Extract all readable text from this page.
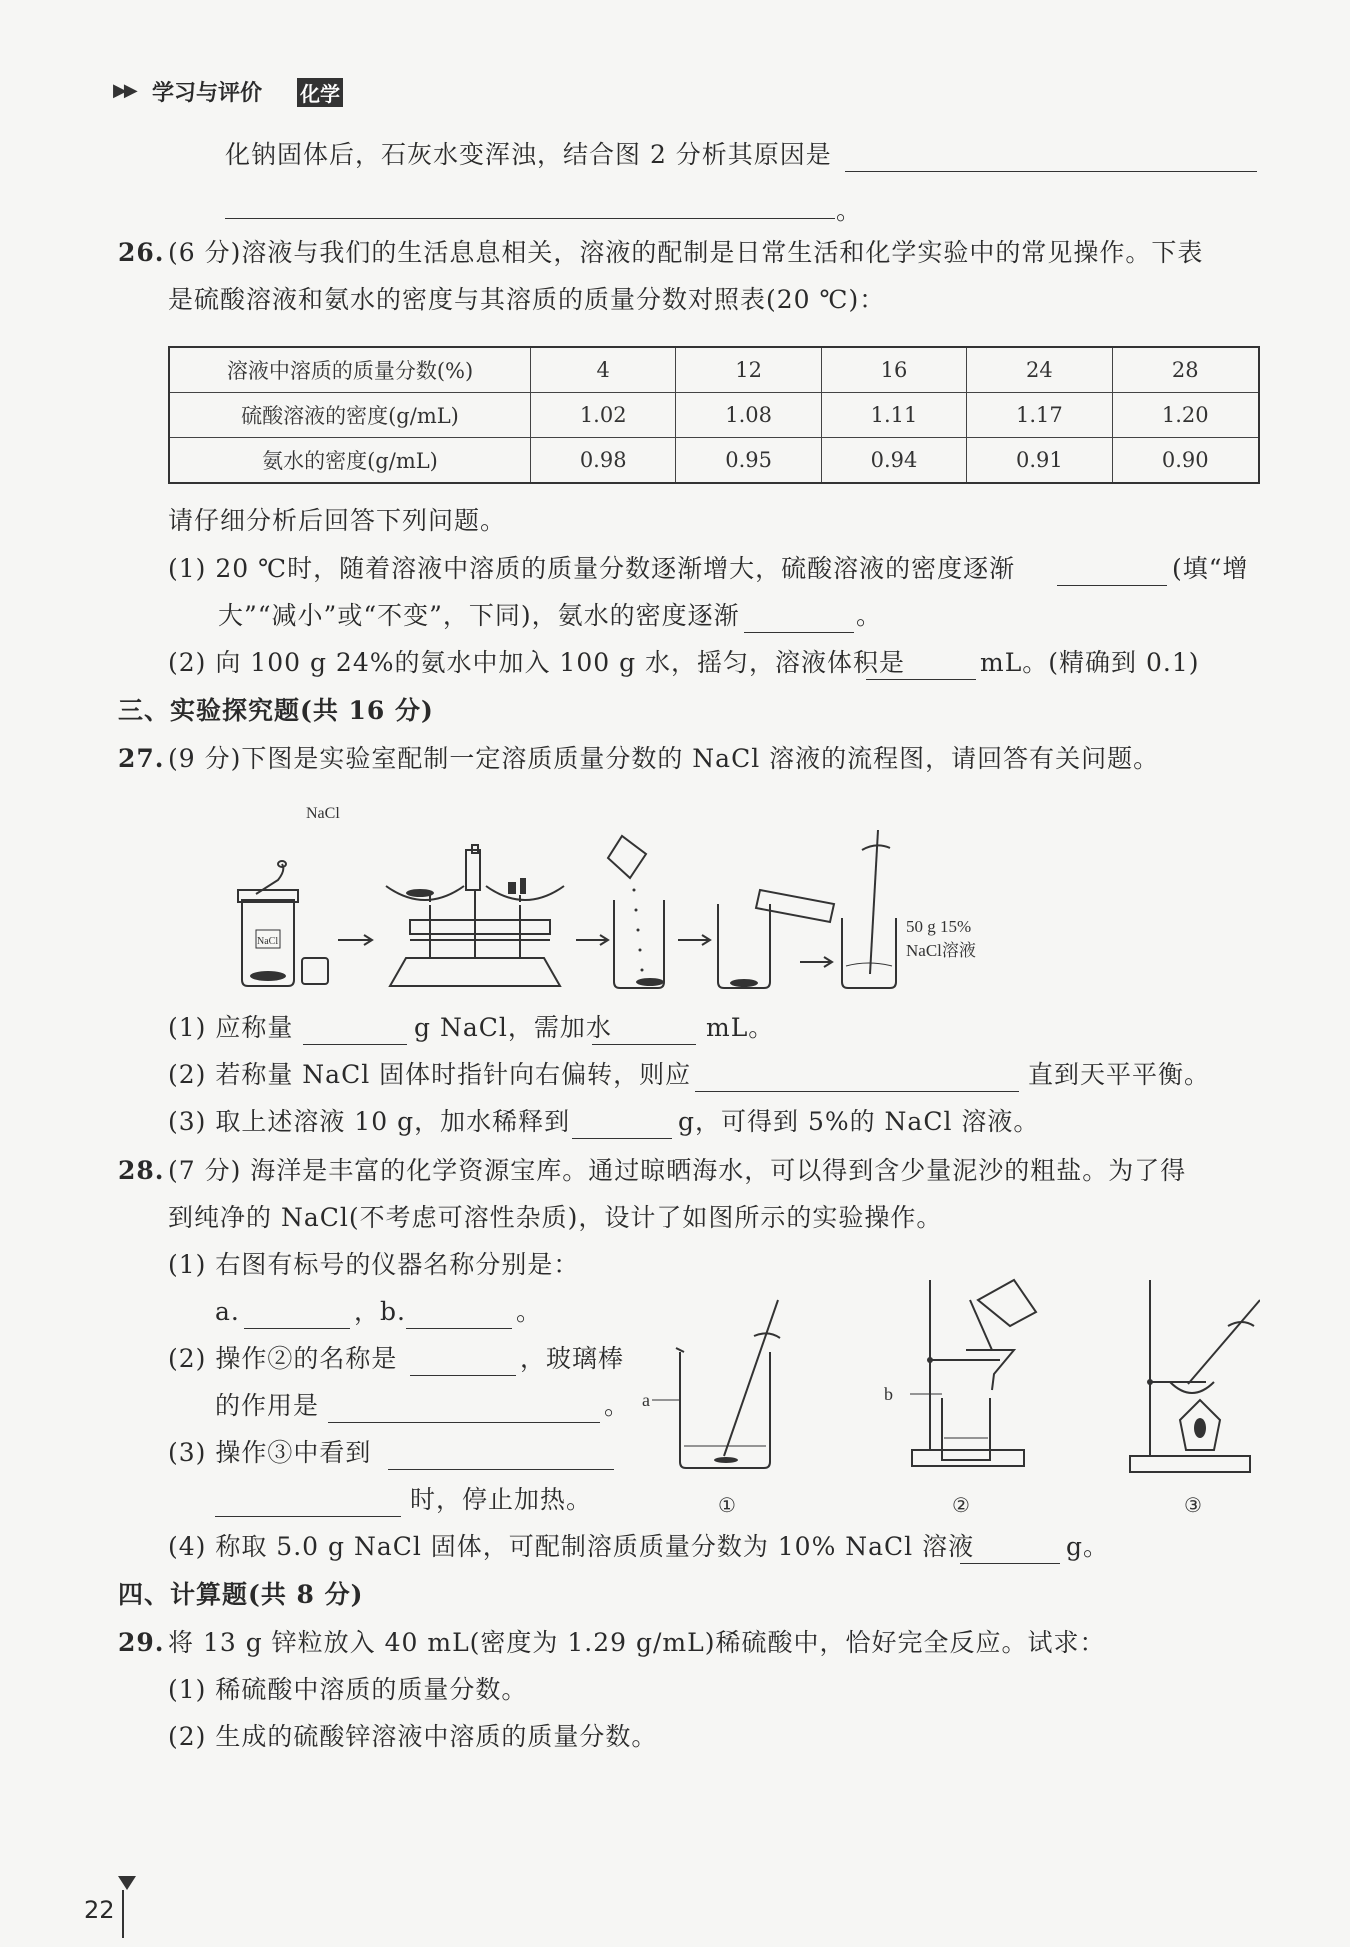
▶▶ 学习与评价 化学
化钠固体后，石灰水变浑浊，结合图 2 分析其原因是
。
26. (6 分)溶液与我们的生活息息相关，溶液的配制是日常生活和化学实验中的常见操作。下表
是硫酸溶液和氨水的密度与其溶质的质量分数对照表(20 ℃)：
溶液中溶质的质量分数(%)	4	12	16	24	28
硫酸溶液的密度(g/mL)	1.02	1.08	1.11	1.17	1.20
氨水的密度(g/mL)	0.98	0.95	0.94	0.91	0.90
请仔细分析后回答下列问题。
(1) 20 ℃时，随着溶液中溶质的质量分数逐渐增大，硫酸溶液的密度逐渐	(填“增
大”“减小”或“不变”，下同)，氨水的密度逐渐	。
(2) 向 100 g 24%的氨水中加入 100 g 水，摇匀，溶液体积是	mL。(精确到 0.1)
三、实验探究题(共 16 分)
27. (9 分)下图是实验室配制一定溶质质量分数的 NaCl 溶液的流程图，请回答有关问题。
NaCl
NaCl
50 g 15%
NaCl溶液
(1) 应称量	g NaCl，需加水	mL。
(2) 若称量 NaCl 固体时指针向右偏转，则应	直到天平平衡。
(3) 取上述溶液 10 g，加水稀释到	g，可得到 5%的 NaCl 溶液。
28. (7 分) 海洋是丰富的化学资源宝库。通过晾晒海水，可以得到含少量泥沙的粗盐。为了得
到纯净的 NaCl(不考虑可溶性杂质)，设计了如图所示的实验操作。
(1) 右图有标号的仪器名称分别是：
a.	，b.	。
(2) 操作②的名称是	，玻璃棒
的作用是	。
(3) 操作③中看到
时，停止加热。
a	b
①	②	③
(4) 称取 5.0 g NaCl 固体，可配制溶质质量分数为 10% NaCl 溶液	g。
四、计算题(共 8 分)
29. 将 13 g 锌粒放入 40 mL(密度为 1.29 g/mL)稀硫酸中，恰好完全反应。试求：
(1) 稀硫酸中溶质的质量分数。
(2) 生成的硫酸锌溶液中溶质的质量分数。
22
